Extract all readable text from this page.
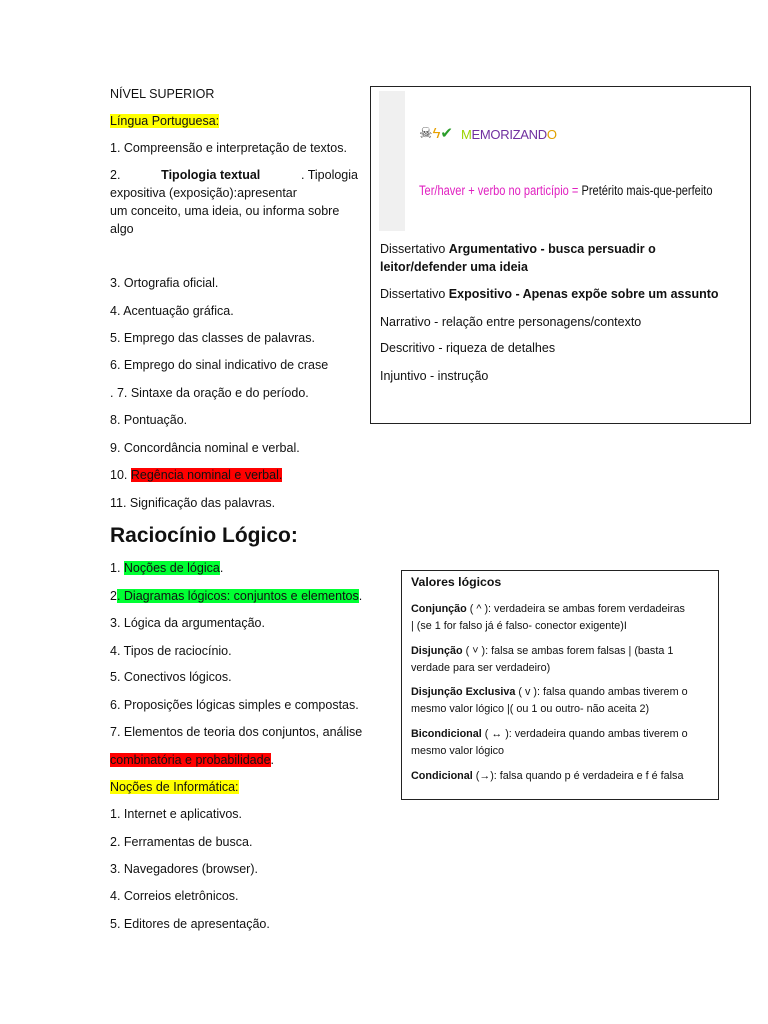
NÍVEL SUPERIOR
Língua Portuguesa:
1. Compreensão e interpretação de textos.
2.	Tipologia textual	. Tipologia
expositiva (exposição):apresentar
um conceito, uma ideia, ou informa sobre
algo
3. Ortografia oficial.
4. Acentuação gráfica.
5. Emprego das classes de palavras.
6. Emprego do sinal indicativo de crase
. 7. Sintaxe da oração e do período.
8. Pontuação.
9. Concordância nominal e verbal.
10. Regência nominal e verbal.
11. Significação das palavras.
Raciocínio Lógico:
1. Noções de lógica.
2. Diagramas lógicos: conjuntos e elementos.
3. Lógica da argumentação.
4. Tipos de raciocínio.
5. Conectivos lógicos.
6. Proposições lógicas simples e compostas.
7. Elementos de teoria dos conjuntos, análise
combinatória e probabilidade.
Noções de Informática:
1. Internet e aplicativos.
2. Ferramentas de busca.
3. Navegadores (browser).
4. Correios eletrônicos.
5. Editores de apresentação.
☠ϟ✔ MEMORIZANDO
Ter/haver + verbo no particípio = Pretérito mais-que-perfeito
Dissertativo Argumentativo - busca persuadir o
leitor/defender uma ideia
Dissertativo Expositivo - Apenas expõe sobre um assunto
Narrativo - relação entre personagens/contexto
Descritivo - riqueza de detalhes
Injuntivo - instrução
Valores lógicos
Conjunção ( ^ ): verdadeira se ambas forem verdadeiras
| (se 1 for falso já é falso- conector exigente)I
Disjunção ( ˅ ): falsa se ambas forem falsas | (basta 1
verdade para ser verdadeiro)
Disjunção Exclusiva ( v ): falsa quando ambas tiverem o
mesmo valor lógico |( ou 1 ou outro- não aceita 2)
Bicondicional ( ↔ ): verdadeira quando ambas tiverem o
mesmo valor lógico
Condicional (→): falsa quando p é verdadeira e f é falsa
